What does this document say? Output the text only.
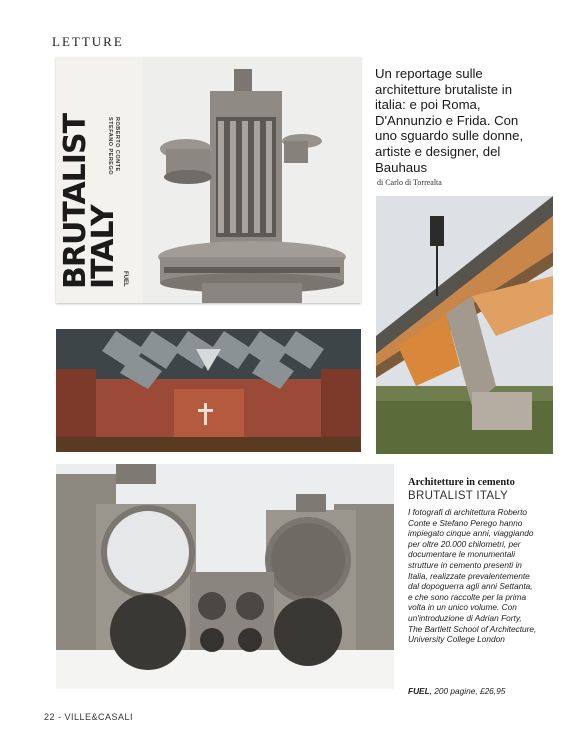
LETTURE
BRUTALIST
ITALY
ROBERTO CONTE
STEFANO PEREGO
FUEL
Un reportage sulle architetture brutaliste in italia: e poi Roma, D'Annunzio e Frida. Con uno sguardo sulle donne, artiste e designer, del Bauhaus
di Carlo di Torrealta
Architetture in cemento
BRUTALIST ITALY
I fotografi di architettura Roberto Conte e Stefano Perego hanno impiegato cinque anni, viaggiando per oltre 20.000 chilometri, per documentare le monumentali strutture in cemento presenti in Italia, realizzate prevalentemente dal dopoguerra agli anni Settanta, e che sono raccolte per la prima volta in un unico volume. Con un'introduzione di Adrian Forty, The Bartlett School of Architecture, University College London
FUEL, 200 pagine, £26,95
22 - VILLE&CASALI
